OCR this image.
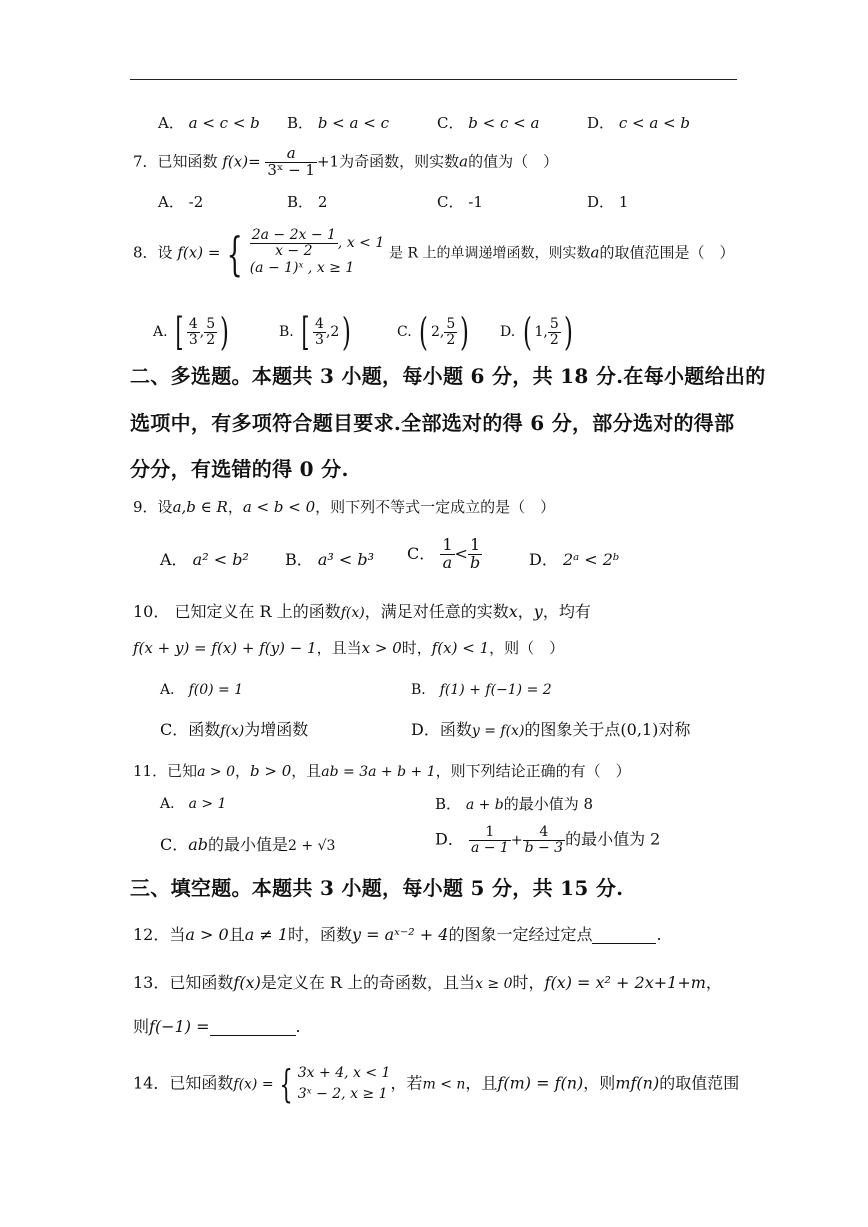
A． a < c < b B． b < a < c	C． b < c < a	D． c < a < b
7．已知函数 $f(x)= \frac{a}{\text{3ˣ − 1}} +1$为奇函数，则实数a的值为（　）
A． -2	B． 2	C． -1	D． 1
8．设 f(x) = { $\frac{2a - 2x - 1}{x - 2}$ , x < 1
(a − 1)ˣ , x ≥ 1
是 R 上的单调递增函数，则实数a的取值范围是（　）
A. [ $\frac{4}{3}$ , $\frac{5}{2}$ )	B. [ $\frac{4}{3} ,2$)	C. ( 2, $\frac{5}{2}$ ) D. ( 1, $\frac{5}{2}$ )
二、多选题。本题共 3 小题，每小题 6 分，共 18 分.在每小题给出的
选项中，有多项符合题目要求.全部选对的得 6 分，部分选对的得部
分分，有选错的得 0 分.
9．设a,b ∈ R，a < b < 0，则下列不等式一定成立的是（　）
A． a² < b² B． a³ < b³ C． $\frac{1}{a} < \frac{1}{b}$	D． 2ᵃ < 2ᵇ
10． 已知定义在 R 上的函数f(x)，满足对任意的实数x，y，均有
f(x + y) = f(x) + f(y) − 1，且当x > 0时，f(x) < 1，则（　）
A． f(0) = 1	B． f(1) + f(−1) = 2
C．函数f(x)为增函数	D．函数y = f(x)的图象关于点(0,1)对称
11．已知a > 0，b > 0，且ab = 3a + b + 1，则下列结论正确的有（　）
A． a > 1	B． a + b的最小值为 8
C．ab的最小值是2 + √3	D． $\frac{1}{a - 1} + \frac{4}{b - 3}$ 的最小值为 2
三、填空题。本题共 3 小题，每小题 5 分，共 15 分.
12．当a > 0且a ≠ 1时，函数y = aˣ⁻² + 4的图象一定经过定点	.
13．已知函数f(x)是定义在 R 上的奇函数，且当x ≥ 0时，f(x) = x² + 2x+1+m，
则f(−1) =	.
14．已知函数f(x) = { 3x + 4, x < 1
3ˣ − 2, x ≥ 1
，若m < n，且f(m) = f(n)，则mf(n)的取值范围
